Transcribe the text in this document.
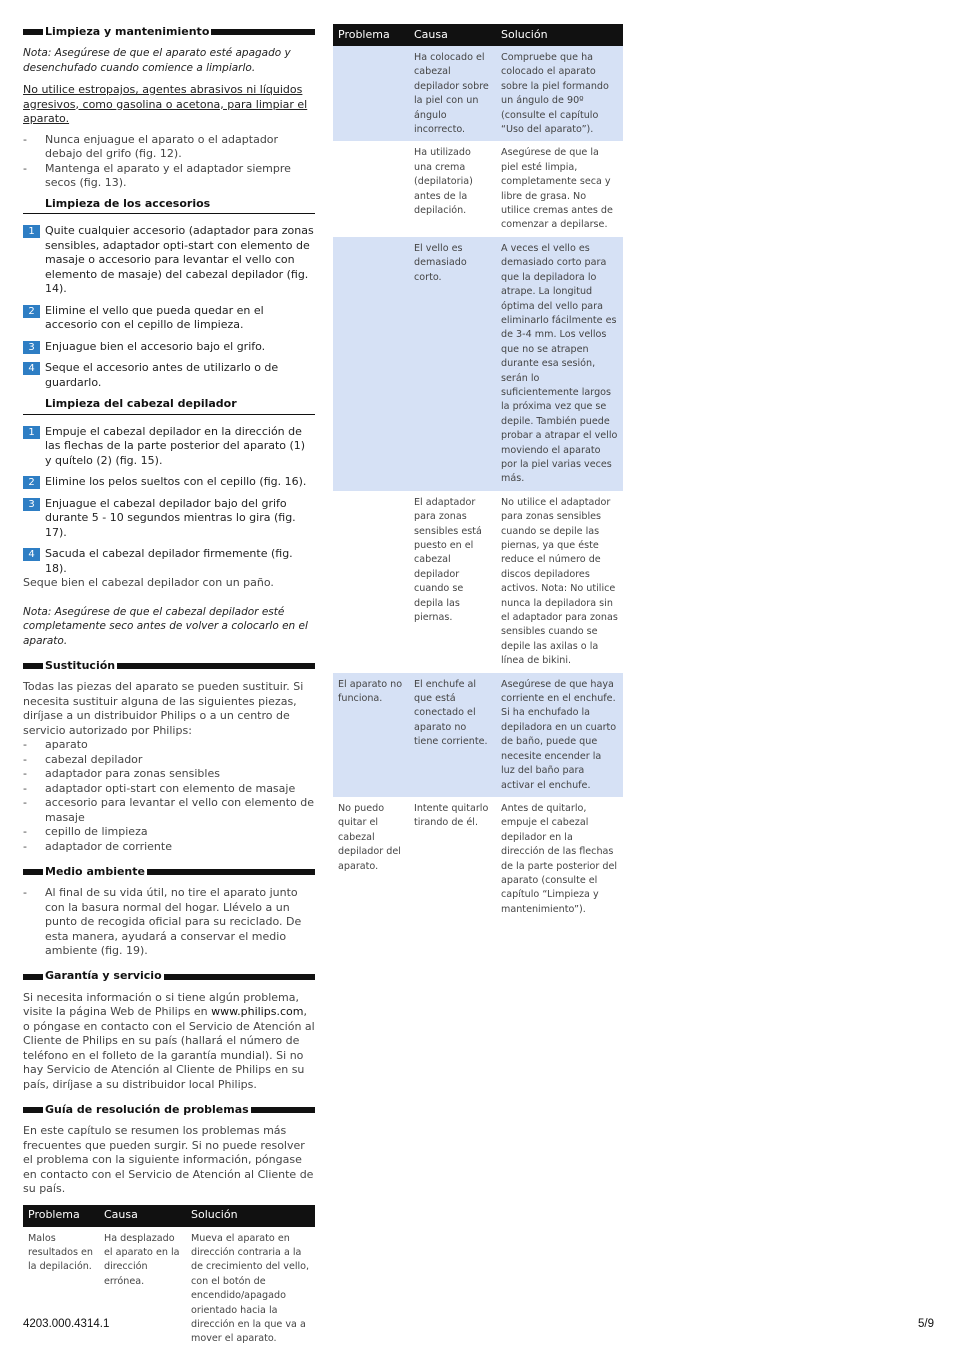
Limpieza y mantenimiento

Nota: Asegúrese de que el aparato esté apagado y desenchufado cuando comience a limpiarlo.

No utilice estropajos, agentes abrasivos ni líquidos agresivos, como gasolina o acetona, para limpiar el aparato.

- Nunca enjuague el aparato o el adaptador debajo del grifo (fig. 12).
- Mantenga el aparato y el adaptador siempre secos (fig. 13).
Limpieza de los accesorios
1 Quite cualquier accesorio (adaptador para zonas sensibles, adaptador opti-start con elemento de masaje o accesorio para levantar el vello con elemento de masaje) del cabezal depilador (fig. 14).
2 Elimine el vello que pueda quedar en el accesorio con el cepillo de limpieza.
3 Enjuague bien el accesorio bajo el grifo.
4 Seque el accesorio antes de utilizarlo o de guardarlo.
Limpieza del cabezal depilador
1 Empuje el cabezal depilador en la dirección de las flechas de la parte posterior del aparato (1) y quítelo (2) (fig. 15).
2 Elimine los pelos sueltos con el cepillo (fig. 16).
3 Enjuague el cabezal depilador bajo del grifo durante 5 - 10 segundos mientras lo gira (fig. 17).
4 Sacuda el cabezal depilador firmemente (fig. 18).

Seque bien el cabezal depilador con un paño.

Nota: Asegúrese de que el cabezal depilador esté completamente seco antes de volver a colocarlo en el aparato.

Sustitución

Todas las piezas del aparato se pueden sustituir. Si necesita sustituir alguna de las siguientes piezas, diríjase a un distribuidor Philips o a un centro de servicio autorizado por Philips:

- aparato
- cabezal depilador
- adaptador para zonas sensibles
- adaptador opti-start con elemento de masaje
- accesorio para levantar el vello con elemento de masaje
- cepillo de limpieza
- adaptador de corriente
Medio ambiente
- Al final de su vida útil, no tire el aparato junto con la basura normal del hogar. Llévelo a un punto de recogida oficial para su reciclado. De esta manera, ayudará a conservar el medio ambiente (fig. 19).
Garantía y servicio

Si necesita información o si tiene algún problema, visite la página Web de Philips en www.philips.com, o póngase en contacto con el Servicio de Atención al Cliente de Philips en su país (hallará el número de teléfono en el folleto de la garantía mundial). Si no hay Servicio de Atención al Cliente de Philips en su país, diríjase a su distribuidor local Philips.

Guía de resolución de problemas

En este capítulo se resumen los problemas más frecuentes que pueden surgir. Si no puede resolver el problema con la siguiente información, póngase en contacto con el Servicio de Atención al Cliente de su país.

Problema	Causa	Solución
Malos resultados en la depilación.	Ha desplazado el aparato en la dirección errónea.	Mueva el aparato en dirección contraria a la de crecimiento del vello, con el botón de encendido/apagado orientado hacia la dirección en la que va a mover el aparato.
Problema	Causa	Solución
	Ha colocado el cabezal depilador sobre la piel con un ángulo incorrecto.	Compruebe que ha colocado el aparato sobre la piel formando un ángulo de 90º (consulte el capítulo “Uso del aparato”).
	Ha utilizado una crema (depilatoria) antes de la depilación.	Asegúrese de que la piel esté limpia, completamente seca y libre de grasa. No utilice cremas antes de comenzar a depilarse.
	El vello es demasiado corto.	A veces el vello es demasiado corto para que la depiladora lo atrape. La longitud óptima del vello para eliminarlo fácilmente es de 3-4 mm. Los vellos que no se atrapen durante esa sesión, serán lo suficientemente largos la próxima vez que se depile. También puede probar a atrapar el vello moviendo el aparato por la piel varias veces más.
	El adaptador para zonas sensibles está puesto en el cabezal depilador cuando se depila las piernas.	No utilice el adaptador para zonas sensibles cuando se depile las piernas, ya que éste reduce el número de discos depiladores activos. Nota: No utilice nunca la depiladora sin el adaptador para zonas sensibles cuando se depile las axilas o la línea de bikini.
El aparato no funciona.	El enchufe al que está conectado el aparato no tiene corriente.	Asegúrese de que haya corriente en el enchufe. Si ha enchufado la depiladora en un cuarto de baño, puede que necesite encender la luz del baño para activar el enchufe.
No puedo quitar el cabezal depilador del aparato.	Intente quitarlo tirando de él.	Antes de quitarlo, empuje el cabezal depilador en la dirección de las flechas de la parte posterior del aparato (consulte el capítulo “Limpieza y mantenimiento”).
4203.000.4314.1	5/9
